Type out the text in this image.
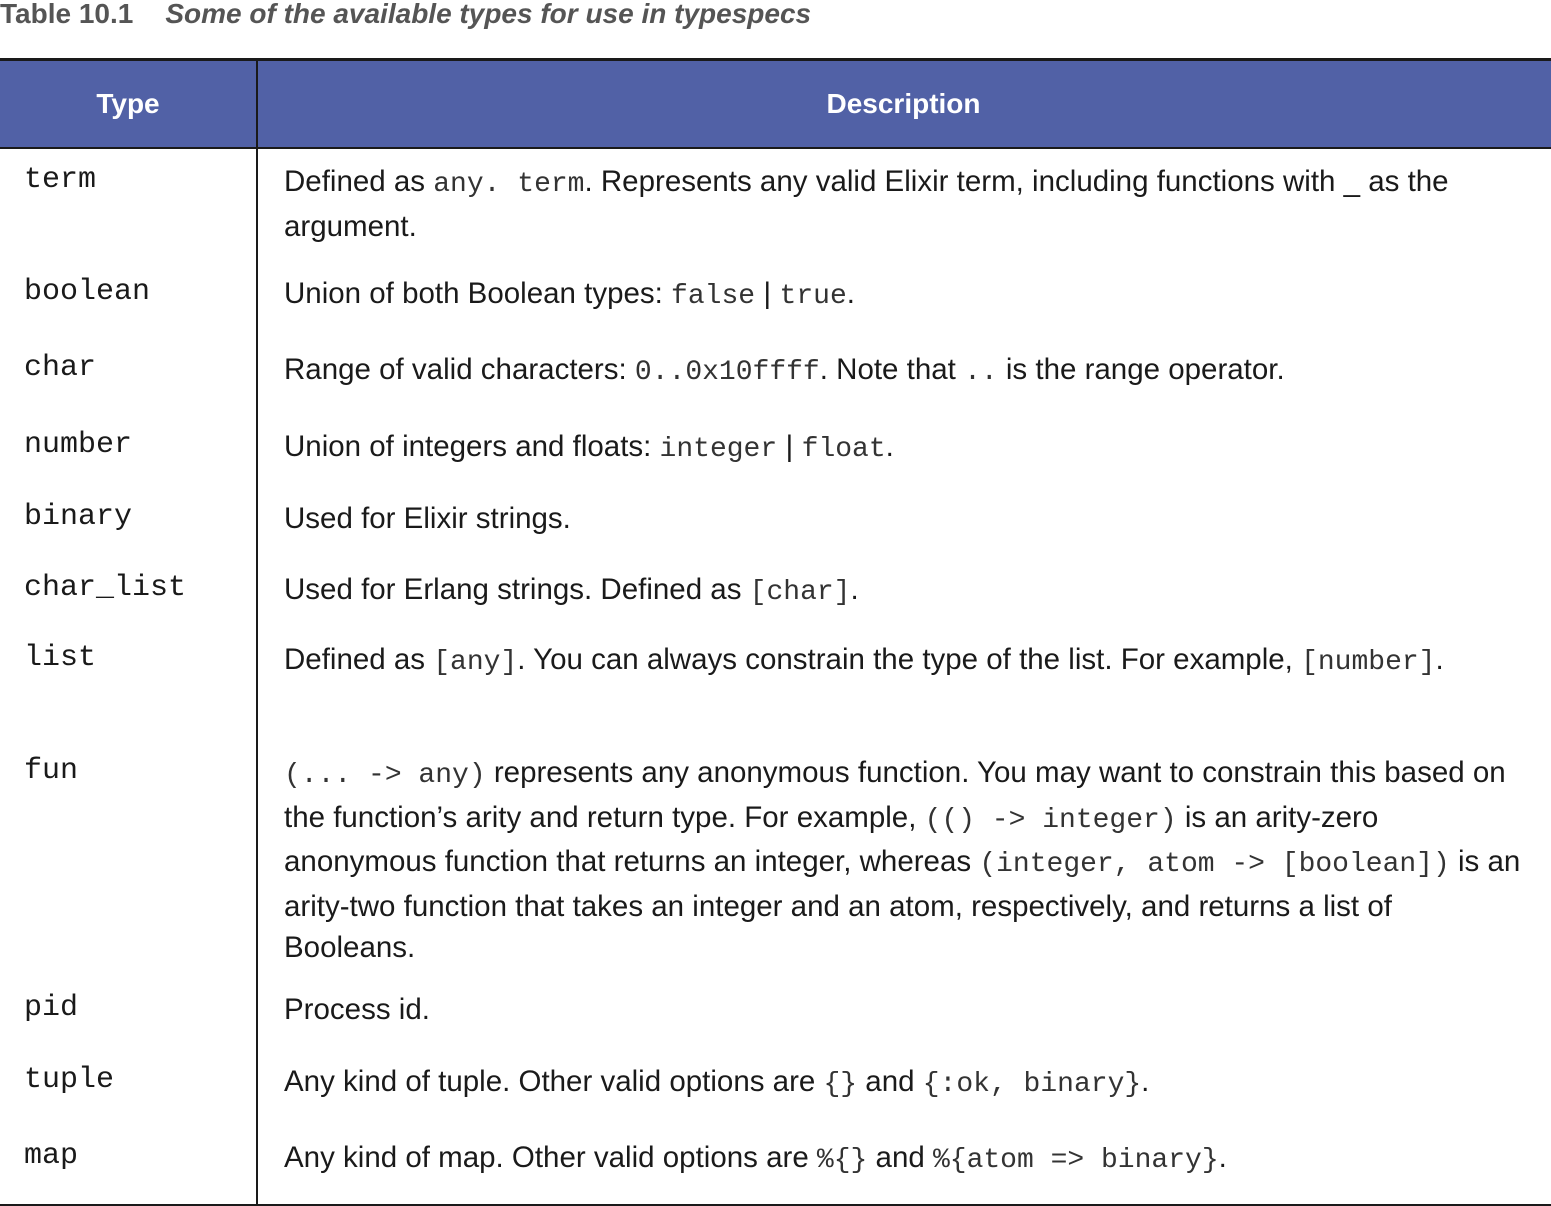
Table 10.1 Some of the available types for use in typespecs
Type	Description
term	Defined as any. term. Represents any valid Elixir term, including functions with _ as the argument.
boolean	Union of both Boolean types: false | true.
char	Range of valid characters: 0..0x10ffff. Note that .. is the range operator.
number	Union of integers and floats: integer | float.
binary	Used for Elixir strings.
char_list	Used for Erlang strings. Defined as [char].
list	Defined as [any]. You can always constrain the type of the list. For example, [number].
fun	(... -> any) represents any anonymous function. You may want to constrain this based on the function’s arity and return type. For example, (() -> integer) is an arity-zero anonymous function that returns an integer, whereas (integer, atom -> [boolean]) is an arity-two function that takes an integer and an atom, respectively, and returns a list of Booleans.
pid	Process id.
tuple	Any kind of tuple. Other valid options are {} and {:ok, binary}.
map	Any kind of map. Other valid options are %{} and %{atom => binary}.
